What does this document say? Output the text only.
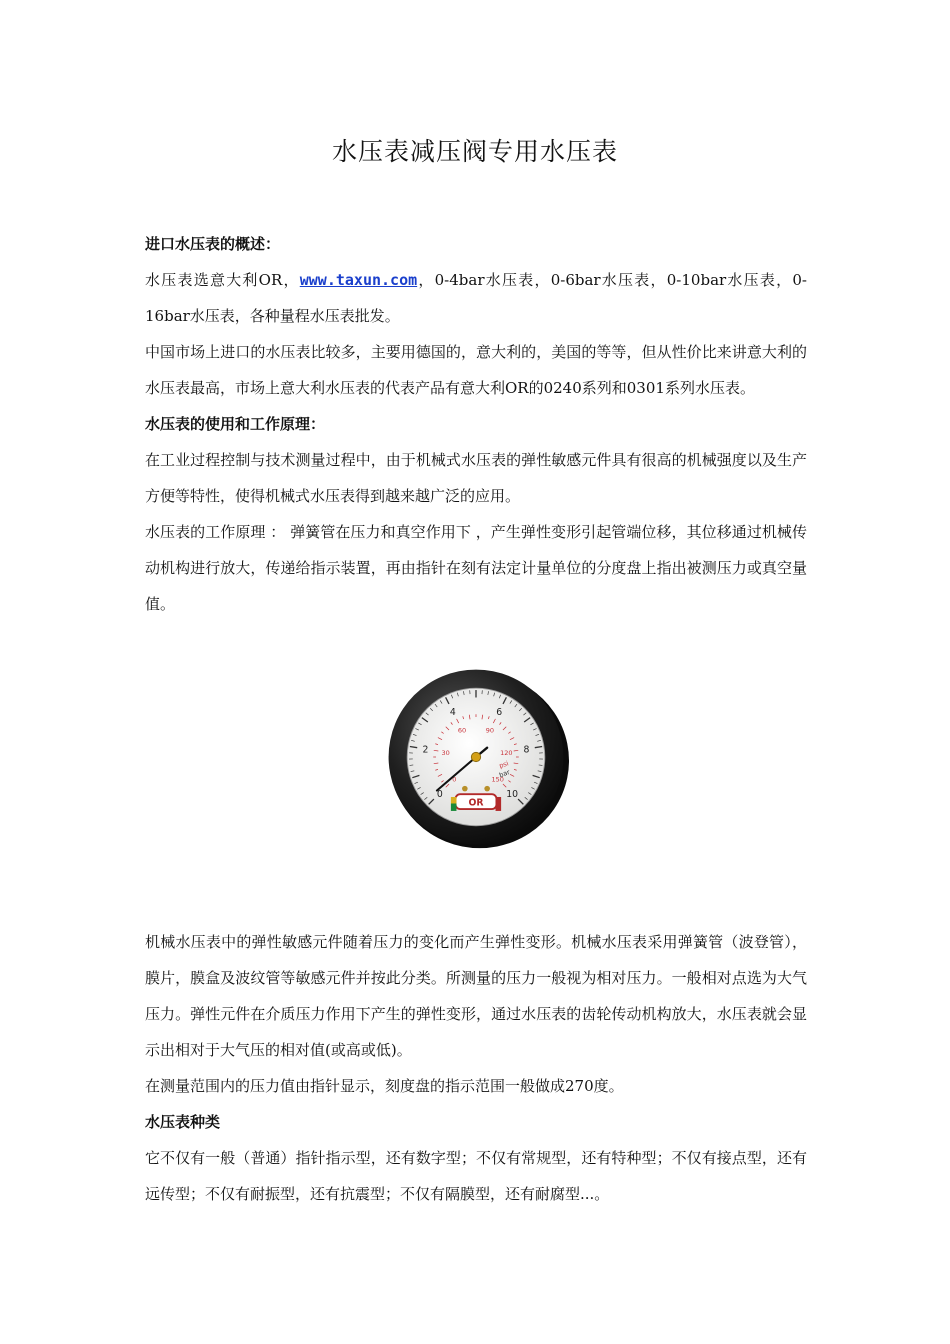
水压表减压阀专用水压表

进口水压表的概述：

水压表选意大利OR，www.taxun.com，0-4bar水压表，0-6bar水压表，0-10bar水压表，0-16bar水压表，各种量程水压表批发。

中国市场上进口的水压表比较多，主要用德国的，意大利的，美国的等等，但从性价比来讲意大利的水压表最高，市场上意大利水压表的代表产品有意大利OR的0240系列和0301系列水压表。

水压表的使用和工作原理：

在工业过程控制与技术测量过程中，由于机械式水压表的弹性敏感元件具有很高的机械强度以及生产方便等特性，使得机械式水压表得到越来越广泛的应用。

水压表的工作原理 ： 弹簧管在压力和真空作用下 ，产生弹性变形引起管端位移，其位移通过机械传动机构进行放大，传递给指示装置，再由指针在刻有法定计量单位的分度盘上指出被测压力或真空量值。

0
2
4	6
8
10
0
30
60	90
120
150
psi
bar
OR

机械水压表中的弹性敏感元件随着压力的变化而产生弹性变形。机械水压表采用弹簧管（波登管），膜片，膜盒及波纹管等敏感元件并按此分类。所测量的压力一般视为相对压力。一般相对点选为大气压力。弹性元件在介质压力作用下产生的弹性变形，通过水压表的齿轮传动机构放大，水压表就会显示出相对于大气压的相对值(或高或低)。

在测量范围内的压力值由指针显示，刻度盘的指示范围一般做成270度。

水压表种类

它不仅有一般（普通）指针指示型，还有数字型；不仅有常规型，还有特种型；不仅有接点型，还有远传型；不仅有耐振型，还有抗震型；不仅有隔膜型，还有耐腐型...。
